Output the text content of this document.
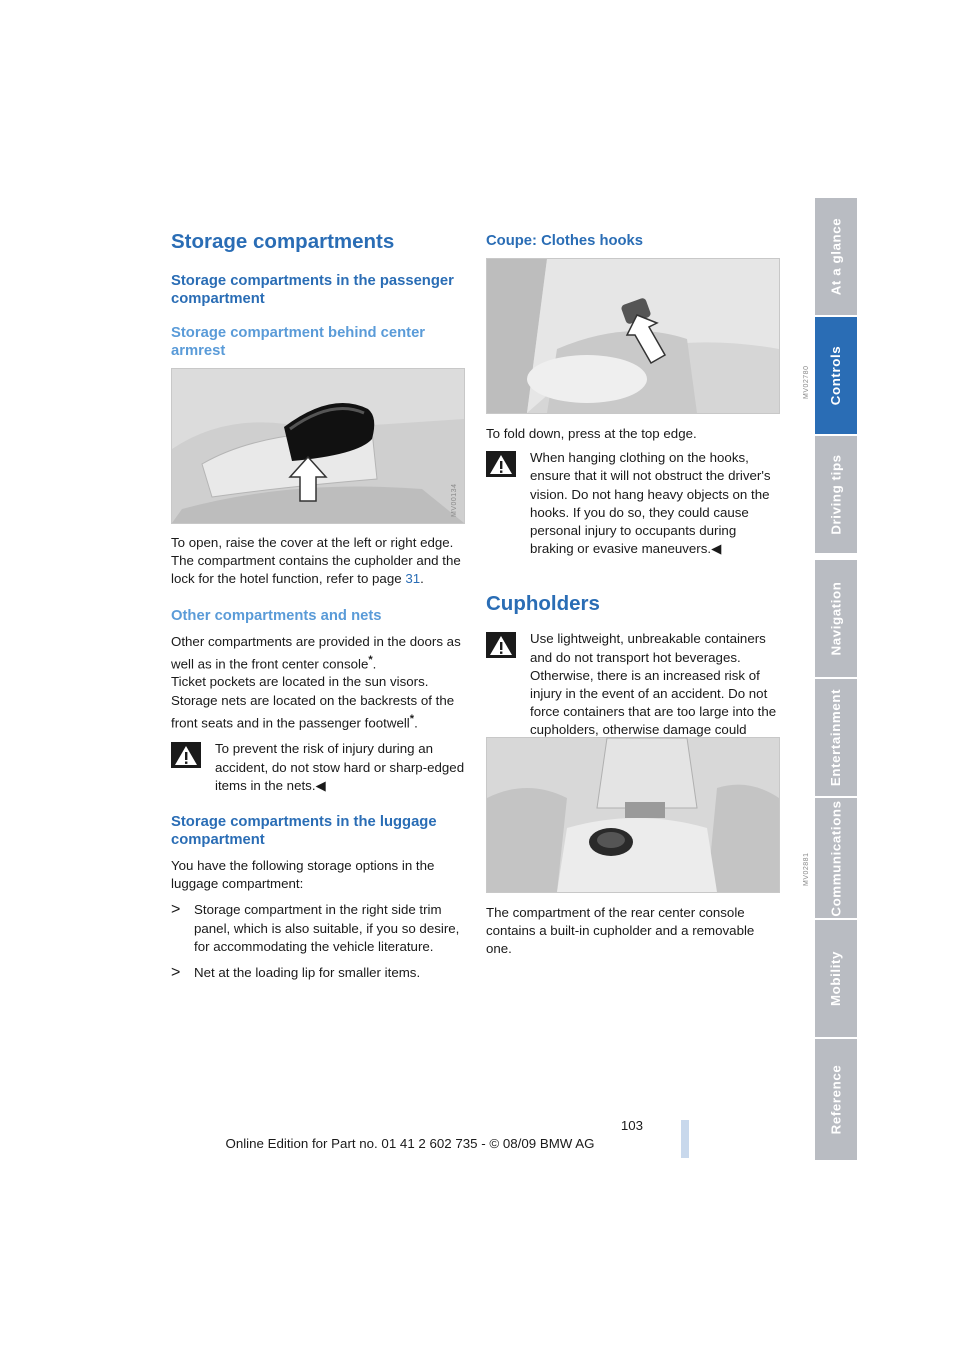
Storage compartments
Storage compartments in the passenger compartment
Storage compartment behind center armrest
MV00134

To open, raise the cover at the left or right edge. The compartment contains the cupholder and the lock for the hotel function, refer to page 31.

Other compartments and nets

Other compartments are provided in the doors as well as in the front center console*.
Ticket pockets are located in the sun visors.
Storage nets are located on the backrests of the front seats and in the passenger footwell*.

To prevent the risk of injury during an accident, do not stow hard or sharp-edged items in the nets.◀

Storage compartments in the luggage compartment

You have the following storage options in the luggage compartment:

>	Storage compartment in the right side trim panel, which is also suitable, if you so desire, for accommodating the vehicle literature.

>	Net at the loading lip for smaller items.

Coupe: Clothes hooks
MV02780

To fold down, press at the top edge.

When hanging clothing on the hooks, ensure that it will not obstruct the driver's vision. Do not hang heavy objects on the hooks. If you do so, they could cause personal injury to occupants during braking or evasive maneuvers.◀

Cupholders

Use lightweight, unbreakable containers and do not transport hot beverages. Otherwise, there is an increased risk of injury in the event of an accident. Do not force containers that are too large into the cupholders, otherwise damage could

MV02881

The compartment of the rear center console contains a built-in cupholder and a removable one.

At a glance
Controls
Driving tips
Navigation
Entertainment
Communications
Mobility
Reference
103
Online Edition for Part no. 01 41 2 602 735 - © 08/09 BMW AG
